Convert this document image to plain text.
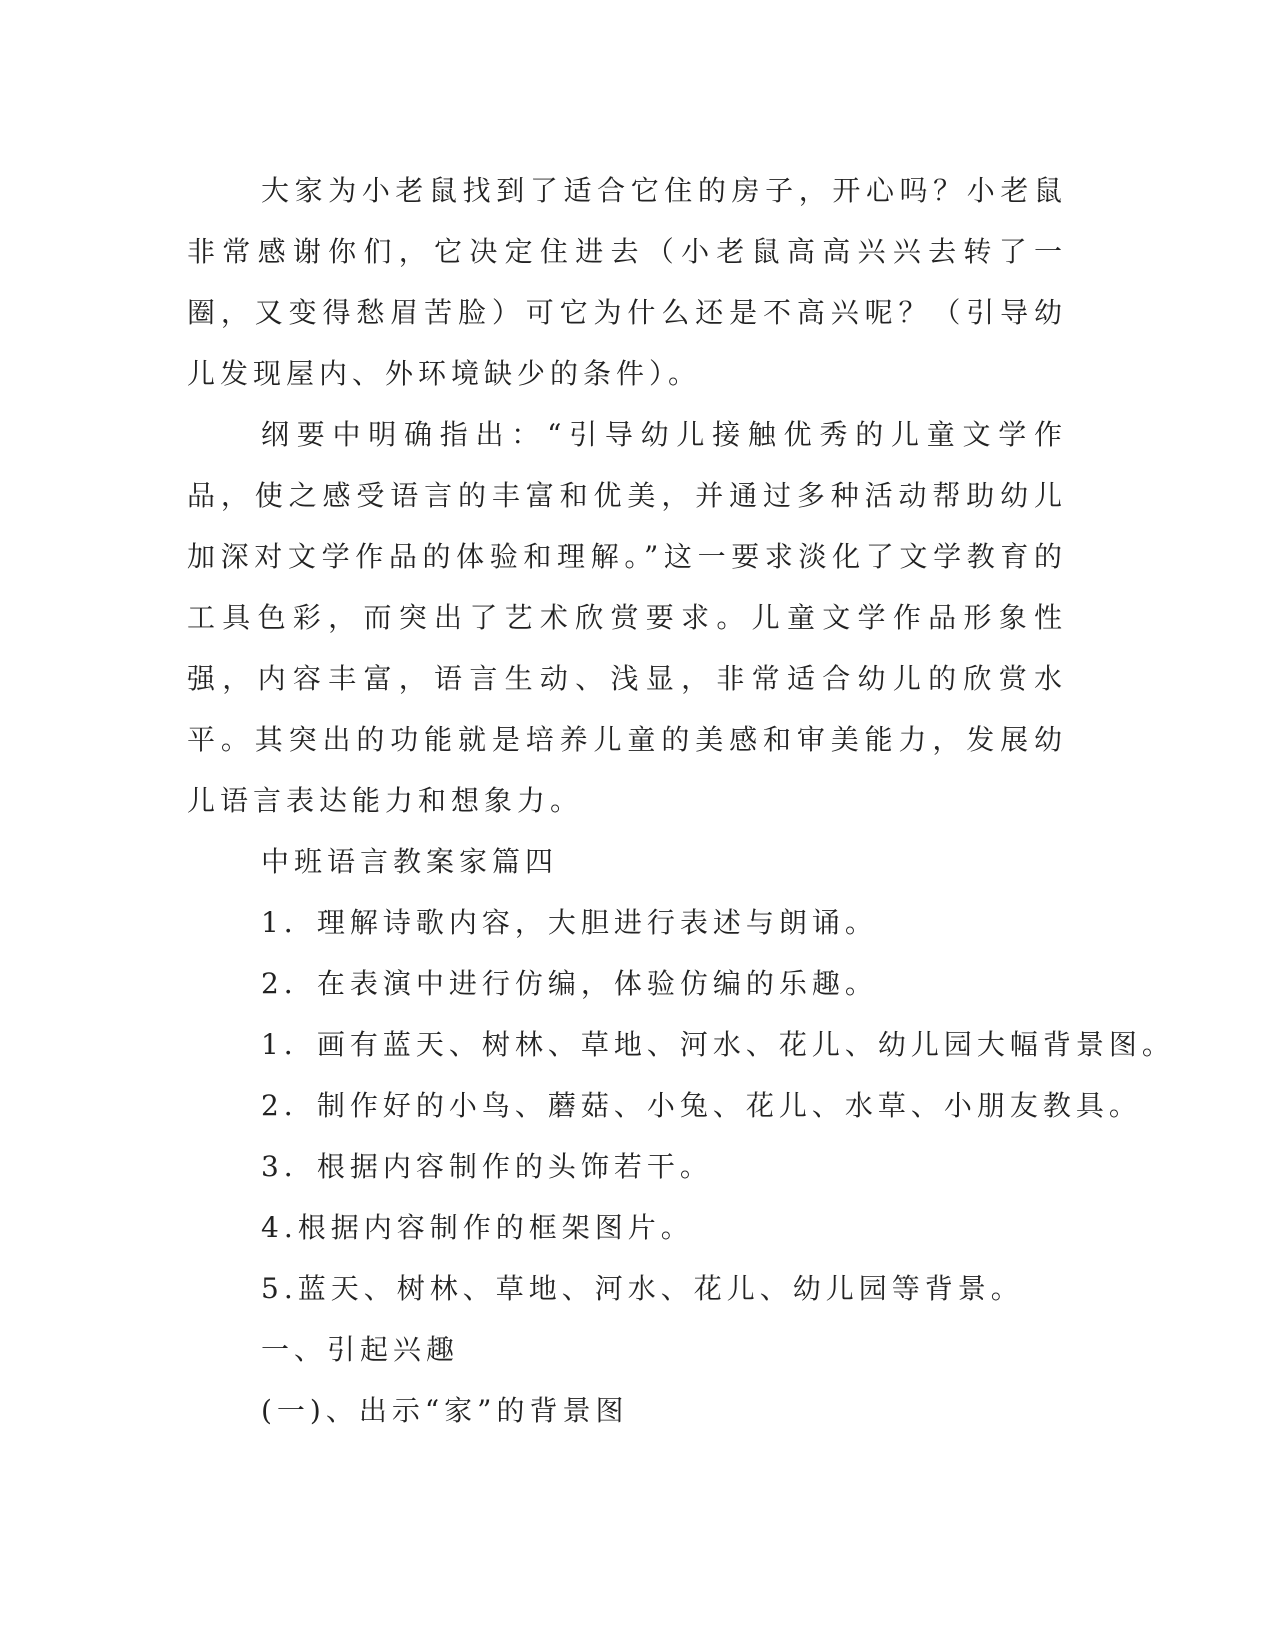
大家为小老鼠找到了适合它住的房子，开心吗？小老鼠非常感谢你们，它决定住进去（小老鼠高高兴兴去转了一圈，又变得愁眉苦脸）可它为什么还是不高兴呢？（引导幼儿发现屋内、外环境缺少的条件）。

纲要中明确指出：“引导幼儿接触优秀的儿童文学作品，使之感受语言的丰富和优美，并通过多种活动帮助幼儿加深对文学作品的体验和理解。”这一要求淡化了文学教育的工具色彩，而突出了艺术欣赏要求。儿童文学作品形象性强，内容丰富，语言生动、浅显，非常适合幼儿的欣赏水平。其突出的功能就是培养儿童的美感和审美能力，发展幼儿语言表达能力和想象力。

中班语言教案家篇四

1．理解诗歌内容，大胆进行表述与朗诵。

2．在表演中进行仿编，体验仿编的乐趣。

1．画有蓝天、树林、草地、河水、花儿、幼儿园大幅背景图。

2．制作好的小鸟、蘑菇、小兔、花儿、水草、小朋友教具。

3．根据内容制作的头饰若干。

4.根据内容制作的框架图片。

5.蓝天、树林、草地、河水、花儿、幼儿园等背景。

一、引起兴趣

(一)、出示“家”的背景图
